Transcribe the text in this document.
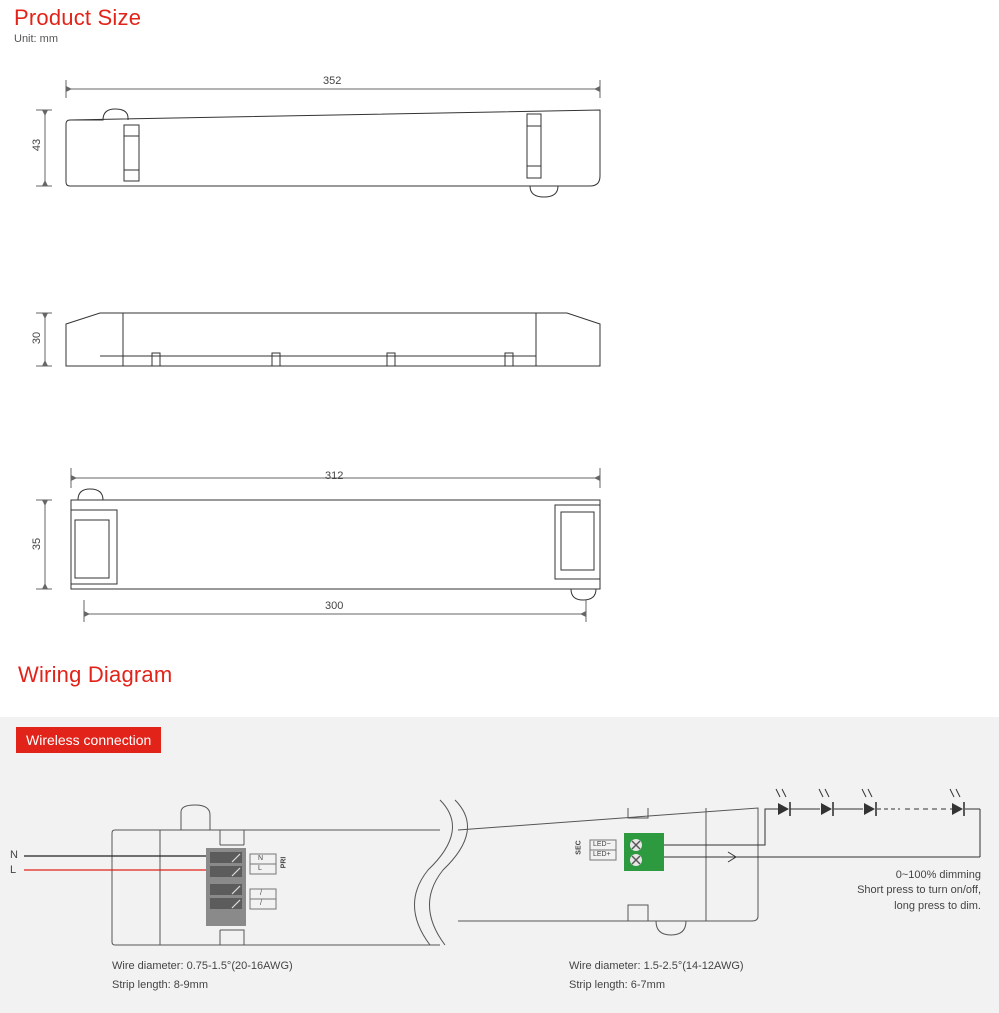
Product Size
Unit: mm
352
43
30
312
35
300
Wiring Diagram
Wireless connection
N
L
N
L
/
/
PRI
SEC LED−
LED+
0~100% dimming
Short press to turn on/off,
long press to dim.
Wire diameter: 0.75-1.5°(20-16AWG)
Strip length: 8-9mm
Wire diameter: 1.5-2.5°(14-12AWG)
Strip length: 6-7mm
